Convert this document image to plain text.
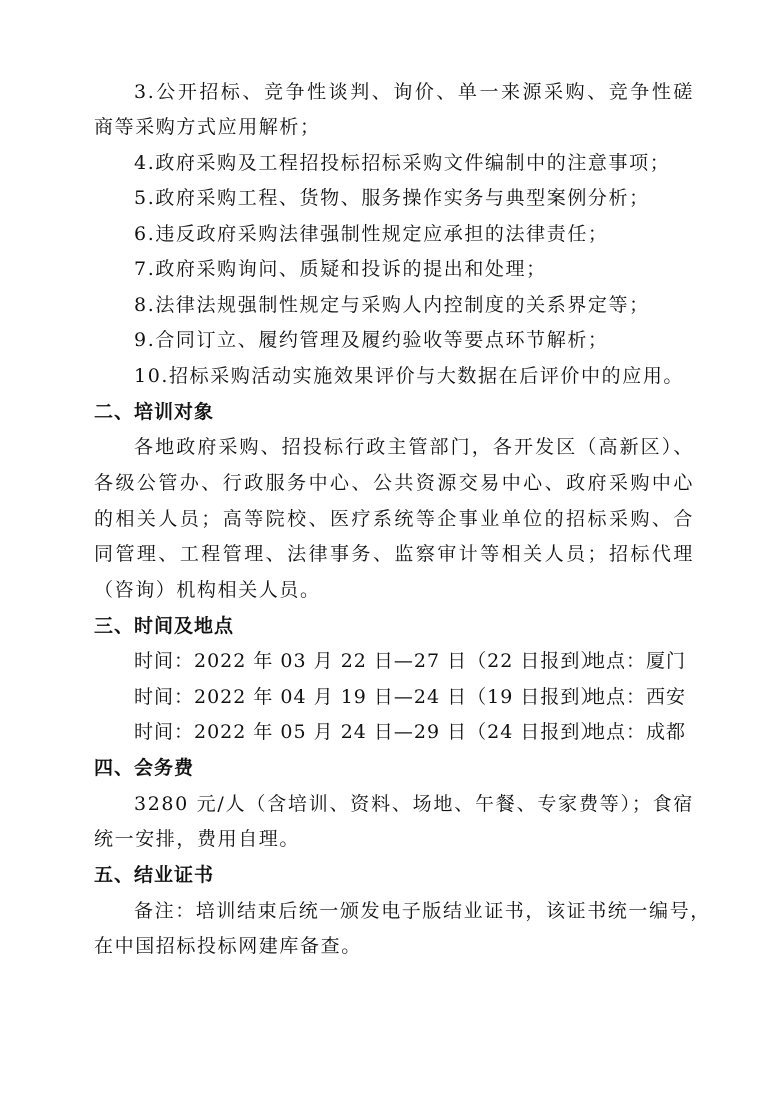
3.公开招标、竞争性谈判、询价、单一来源采购、竞争性磋
商等采购方式应用解析；
4.政府采购及工程招投标招标采购文件编制中的注意事项；
5.政府采购工程、货物、服务操作实务与典型案例分析；
6.违反政府采购法律强制性规定应承担的法律责任；
7.政府采购询问、质疑和投诉的提出和处理；
8.法律法规强制性规定与采购人内控制度的关系界定等；
9.合同订立、履约管理及履约验收等要点环节解析；
10.招标采购活动实施效果评价与大数据在后评价中的应用。
二、培训对象
各地政府采购、招投标行政主管部门，各开发区（高新区）、
各级公管办、行政服务中心、公共资源交易中心、政府采购中心
的相关人员；高等院校、医疗系统等企事业单位的招标采购、合
同管理、工程管理、法律事务、监察审计等相关人员；招标代理
（咨询）机构相关人员。
三、时间及地点
时间：2022 年 03 月 22 日—27 日（22 日报到）
地点：厦门
时间：2022 年 04 月 19 日—24 日（19 日报到）
地点：西安
时间：2022 年 05 月 24 日—29 日（24 日报到）
地点：成都
四、会务费
3280 元/人（含培训、资料、场地、午餐、专家费等）；食宿
统一安排，费用自理。
五、结业证书
备注：培训结束后统一颁发电子版结业证书，该证书统一编号，
在中国招标投标网建库备查。
